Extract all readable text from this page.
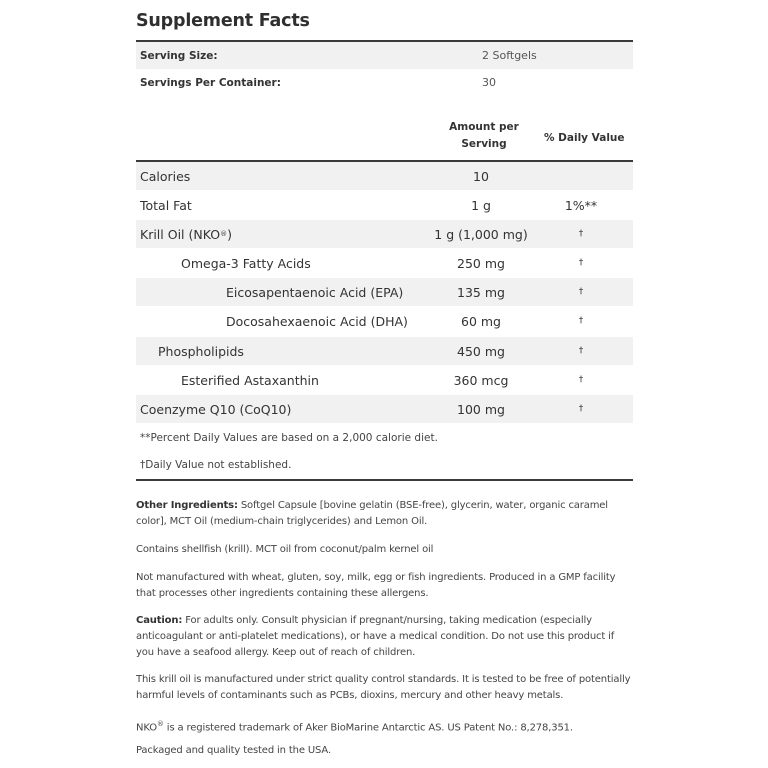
Supplement Facts
Serving Size:	2 Softgels
Servings Per Container:	30
Amount per
Serving
% Daily Value
Calories	10
Total Fat	1 g	1%**
Krill Oil (NKO ® )	1 g (1,000 mg)	†
Omega-3 Fatty Acids	250 mg	†
Eicosapentaenoic Acid (EPA)	135 mg	†
Docosahexaenoic Acid (DHA)	60 mg	†
Phospholipids	450 mg	†
Esterified Astaxanthin	360 mcg	†
Coenzyme Q10 (CoQ10)	100 mg	†
**Percent Daily Values are based on a 2,000 calorie diet.
†Daily Value not established.
Other Ingredients: Softgel Capsule [bovine gelatin (BSE-free), glycerin, water, organic caramel color], MCT Oil (medium-chain triglycerides) and Lemon Oil.
Contains shellfish (krill). MCT oil from coconut/palm kernel oil
Not manufactured with wheat, gluten, soy, milk, egg or fish ingredients. Produced in a GMP facility that processes other ingredients containing these allergens.
Caution: For adults only. Consult physician if pregnant/nursing, taking medication (especially anticoagulant or anti-platelet medications), or have a medical condition. Do not use this product if you have a seafood allergy. Keep out of reach of children.
This krill oil is manufactured under strict quality control standards. It is tested to be free of potentially harmful levels of contaminants such as PCBs, dioxins, mercury and other heavy metals.
NKO® is a registered trademark of Aker BioMarine Antarctic AS. US Patent No.: 8,278,351.
Packaged and quality tested in the USA.
